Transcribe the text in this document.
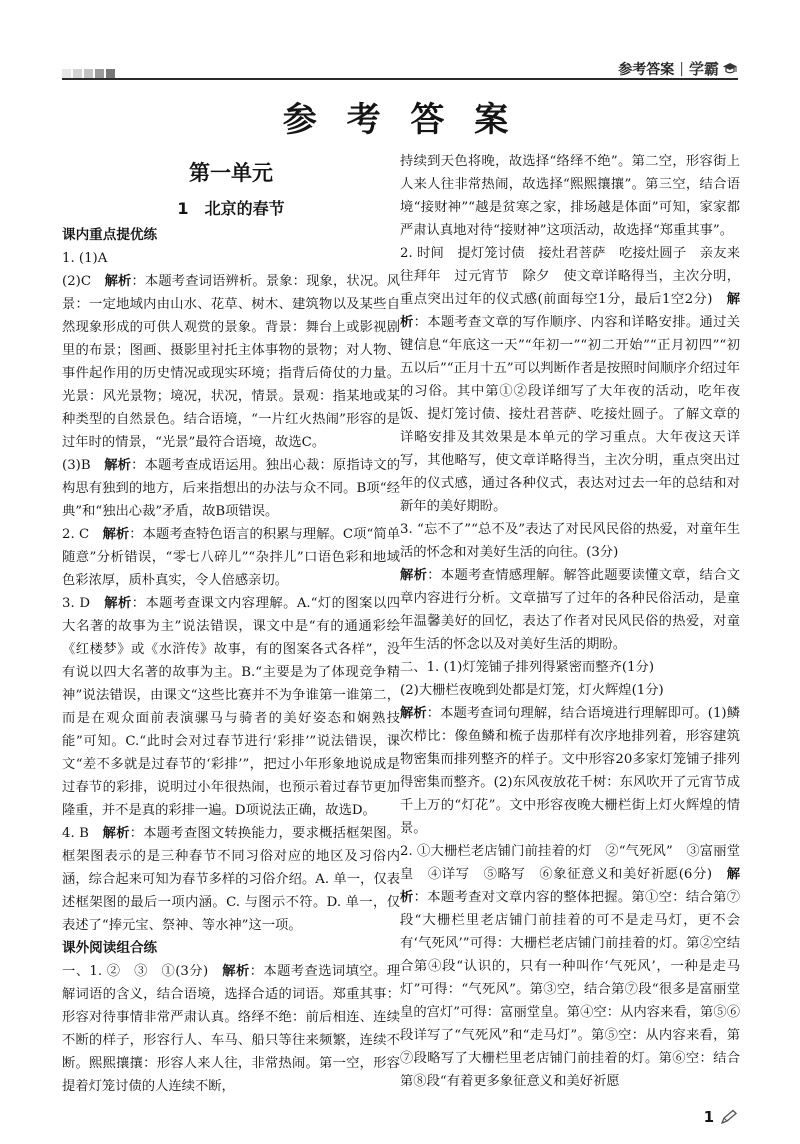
参考答案 | 学霸
参 考 答 案
第一单元
1 北京的春节

课内重点提优练

1. (1)A

(2)C　解析：本题考查词语辨析。景象：现象，状况。风景：一定地域内由山水、花草、树木、建筑物以及某些自然现象形成的可供人观赏的景象。背景：舞台上或影视剧里的布景；图画、摄影里衬托主体事物的景物；对人物、事件起作用的历史情况或现实环境；指背后倚仗的力量。光景：风光景物；境况，状况，情景。景观：指某地或某种类型的自然景色。结合语境，“一片红火热闹”形容的是过年时的情景，“光景”最符合语境，故选C。

(3)B　解析：本题考查成语运用。独出心裁：原指诗文的构思有独到的地方，后来指想出的办法与众不同。B项“经典”和“独出心裁”矛盾，故B项错误。

2. C　解析：本题考查特色语言的积累与理解。C项“简单随意”分析错误，“零七八碎儿”“杂拌儿”口语色彩和地域色彩浓厚，质朴真实，令人倍感亲切。

3. D　解析：本题考查课文内容理解。A.“灯的图案以四大名著的故事为主”说法错误，课文中是“有的通通彩绘《红楼梦》或《水浒传》故事，有的图案各式各样”，没有说以四大名著的故事为主。B.“主要是为了体现竞争精神”说法错误，由课文“这些比赛并不为争谁第一谁第二，而是在观众面前表演骡马与骑者的美好姿态和娴熟技能”可知。C.“此时会对过春节进行‘彩排’”说法错误，课文“差不多就是过春节的‘彩排’”，把过小年形象地说成是过春节的彩排，说明过小年很热闹，也预示着过春节更加隆重，并不是真的彩排一遍。D项说法正确，故选D。

4. B　解析：本题考查图文转换能力，要求概括框架图。框架图表示的是三种春节不同习俗对应的地区及习俗内涵，综合起来可知为春节多样的习俗介绍。A. 单一，仅表述框架图的最后一项内涵。C. 与图示不符。D. 单一，仅表述了“捧元宝、祭神、等水神”这一项。

课外阅读组合练

一、1. ②　③　①(3分)　解析：本题考查选词填空。理解词语的含义，结合语境，选择合适的词语。郑重其事：形容对待事情非常严肃认真。络绎不绝：前后相连、连续不断的样子，形容行人、车马、船只等往来频繁，连续不断。熙熙攘攘：形容人来人往，非常热闹。第一空，形容提着灯笼讨债的人连续不断，

持续到天色将晚，故选择“络绎不绝”。第二空，形容街上人来人往非常热闹，故选择“熙熙攘攘”。第三空，结合语境“接财神”“越是贫寒之家，排场越是体面”可知，家家都严肃认真地对待“接财神”这项活动，故选择“郑重其事”。

2. 时间　提灯笼讨债　接灶君菩萨　吃接灶圆子　亲友来往拜年　过元宵节　除夕　使文章详略得当，主次分明，重点突出过年的仪式感(前面每空1分，最后1空2分)　解析：本题考查文章的写作顺序、内容和详略安排。通过关键信息“年底这一天”“年初一”“初二开始”“正月初四”“初五以后”“正月十五”可以判断作者是按照时间顺序介绍过年的习俗。其中第①②段详细写了大年夜的活动，吃年夜饭、提灯笼讨债、接灶君菩萨、吃接灶圆子。了解文章的详略安排及其效果是本单元的学习重点。大年夜这天详写，其他略写，使文章详略得当，主次分明，重点突出过年的仪式感，通过各种仪式，表达对过去一年的总结和对新年的美好期盼。

3. “忘不了”“总不及”表达了对民风民俗的热爱，对童年生活的怀念和对美好生活的向往。(3分)

解析：本题考查情感理解。解答此题要读懂文章，结合文章内容进行分析。文章描写了过年的各种民俗活动，是童年温馨美好的回忆，表达了作者对民风民俗的热爱，对童年生活的怀念以及对美好生活的期盼。

二、1. (1)灯笼铺子排列得紧密而整齐(1分)

(2)大栅栏夜晚到处都是灯笼，灯火辉煌(1分)

解析：本题考查词句理解，结合语境进行理解即可。(1)鳞次栉比：像鱼鳞和梳子齿那样有次序地排列着，形容建筑物密集而排列整齐的样子。文中形容20多家灯笼铺子排列得密集而整齐。(2)东风夜放花千树：东风吹开了元宵节成千上万的“灯花”。文中形容夜晚大栅栏街上灯火辉煌的情景。

2. ①大栅栏老店铺门前挂着的灯　②“气死风”　③富丽堂皇　④详写　⑤略写　⑥象征意义和美好祈愿(6分)　解析：本题考查对文章内容的整体把握。第①空：结合第⑦段“大栅栏里老店铺门前挂着的可不是走马灯，更不会有‘气死风’”可得：大栅栏老店铺门前挂着的灯。第②空结合第④段“认识的，只有一种叫作‘气死风’，一种是走马灯”可得：“气死风”。第③空，结合第⑦段“很多是富丽堂皇的宫灯”可得：富丽堂皇。第④空：从内容来看，第⑤⑥段详写了“气死风”和“走马灯”。第⑤空：从内容来看，第⑦段略写了大栅栏里老店铺门前挂着的灯。第⑥空：结合第⑧段“有着更多象征意义和美好祈愿

1
